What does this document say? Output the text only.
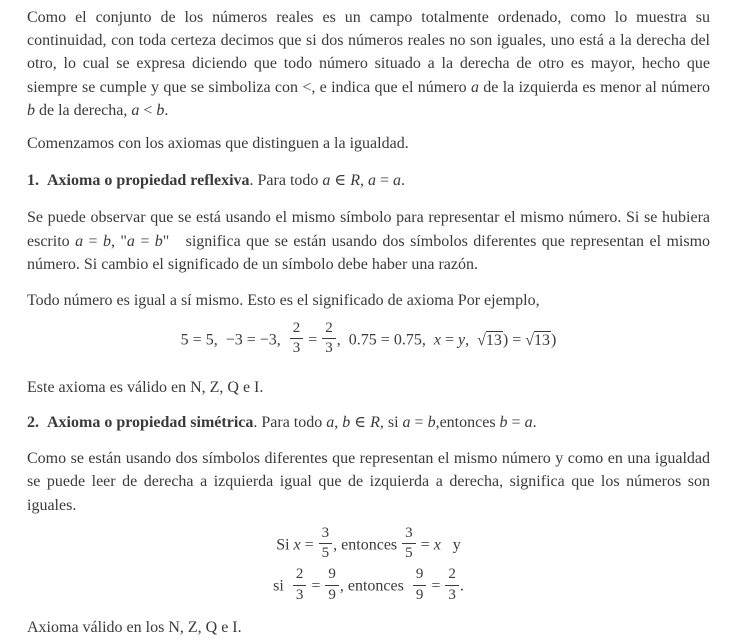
Como el conjunto de los números reales es un campo totalmente ordenado, como lo muestra su continuidad, con toda certeza decimos que si dos números reales no son iguales, uno está a la derecha del otro, lo cual se expresa diciendo que todo número situado a la derecha de otro es mayor, hecho que siempre se cumple y que se simboliza con <, e indica que el número a de la izquierda es menor al número b de la derecha, a < b.

Comenzamos con los axiomas que distinguen a la igualdad.

1.  Axioma o propiedad reflexiva. Para todo a ∈ R, a = a.

Se puede observar que se está usando el mismo símbolo para representar el mismo número. Si se hubiera escrito a = b, "a = b"   significa que se están usando dos símbolos diferentes que representan el mismo número. Si cambio el significado de un símbolo debe haber una razón.

Todo número es igual a sí mismo. Esto es el significado de axioma Por ejemplo,

5 = 5,  −3 = −3, $\frac{2}{3} = \frac{2}{3}$ ,  0.75 = 0.75,  x = y,  √13) = √13)

Este axioma es válido en N, Z, Q e I.

2.  Axioma o propiedad simétrica. Para todo a, b ∈ R, si a = b,entonces b = a.

Como se están usando dos símbolos diferentes que representan el mismo número y como en una igualdad se puede leer de derecha a izquierda igual que de izquierda a derecha, significa que los números son iguales.

Si $x = \frac{3}{5}$ , entonces $\frac{3}{5} = x$   y
si $\frac{2}{3} = \frac{9}{9}$ , entonces $\frac{9}{9} = \frac{2}{3}$ .

Axioma válido en los N, Z, Q e I.
